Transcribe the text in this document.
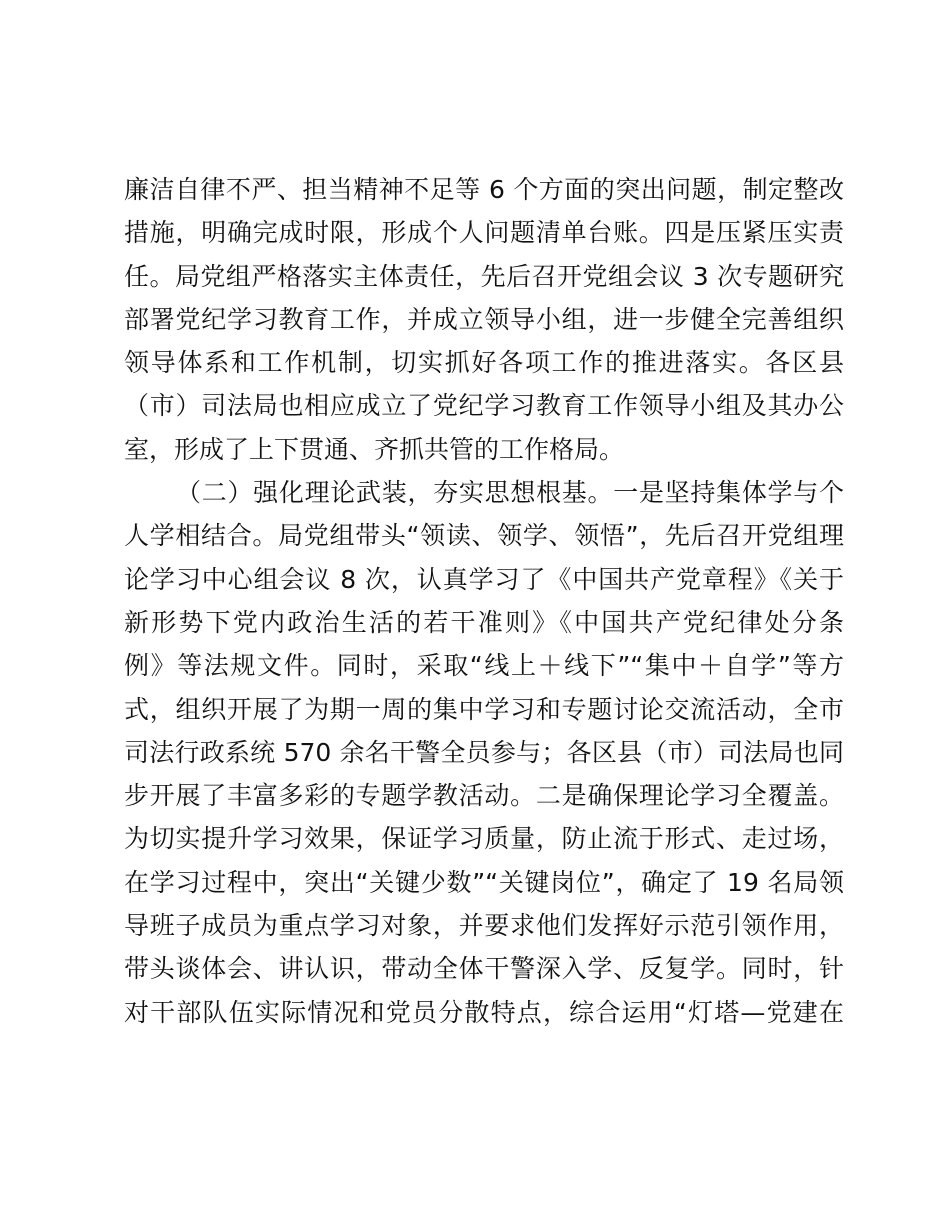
廉洁自律不严、担当精神不足等 6 个方面的突出问题，制定整改
措施，明确完成时限，形成个人问题清单台账。四是压紧压实责
任。局党组严格落实主体责任，先后召开党组会议 3 次专题研究
部署党纪学习教育工作，并成立领导小组，进一步健全完善组织
领导体系和工作机制，切实抓好各项工作的推进落实。各区县
（市）司法局也相应成立了党纪学习教育工作领导小组及其办公
室，形成了上下贯通、齐抓共管的工作格局。
（二）强化理论武装，夯实思想根基。一是坚持集体学与个
人学相结合。局党组带头“领读、领学、领悟”，先后召开党组理
论学习中心组会议 8 次，认真学习了《中国共产党章程》《关于
新形势下党内政治生活的若干准则》《中国共产党纪律处分条
例》等法规文件。同时，采取“线上＋线下”“集中＋自学”等方
式，组织开展了为期一周的集中学习和专题讨论交流活动，全市
司法行政系统 570 余名干警全员参与；各区县（市）司法局也同
步开展了丰富多彩的专题学教活动。二是确保理论学习全覆盖。
为切实提升学习效果，保证学习质量，防止流于形式、走过场，
在学习过程中，突出“关键少数”“关键岗位”，确定了 19 名局领
导班子成员为重点学习对象，并要求他们发挥好示范引领作用，
带头谈体会、讲认识，带动全体干警深入学、反复学。同时，针
对干部队伍实际情况和党员分散特点，综合运用“灯塔—党建在
